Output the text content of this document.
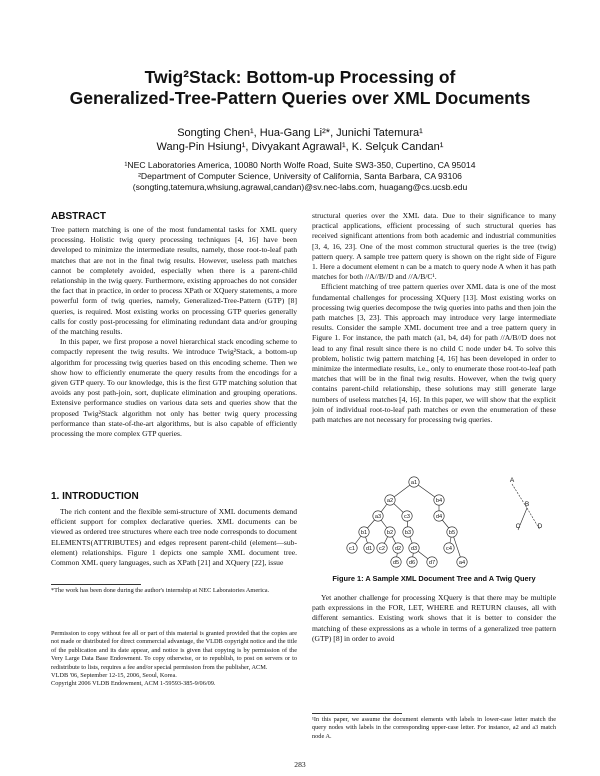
Twig²Stack: Bottom-up Processing of
Generalized-Tree-Pattern Queries over XML Documents
Songting Chen¹, Hua-Gang Li²*, Junichi Tatemura¹
Wang-Pin Hsiung¹, Divyakant Agrawal¹, K. Selçuk Candan¹
¹NEC Laboratories America, 10080 North Wolfe Road, Suite SW3-350, Cupertino, CA 95014
²Department of Computer Science, University of California, Santa Barbara, CA 93106
(songting,tatemura,whsiung,agrawal,candan)@sv.nec-labs.com, huagang@cs.ucsb.edu
ABSTRACT

Tree pattern matching is one of the most fundamental tasks for XML query processing. Holistic twig query processing techniques [4, 16] have been developed to minimize the intermediate results, namely, those root-to-leaf path matches that are not in the final twig results. However, useless path matches cannot be completely avoided, especially when there is a parent-child relationship in the twig query. Furthermore, existing approaches do not consider the fact that in practice, in order to process XPath or XQuery statements, a more powerful form of twig queries, namely, Generalized-Tree-Pattern (GTP) [8] queries, is required. Most existing works on processing GTP queries generally calls for costly post-processing for eliminating redundant data and/or grouping of the matching results.

In this paper, we first propose a novel hierarchical stack encoding scheme to compactly represent the twig results. We introduce Twig²Stack, a bottom-up algorithm for processing twig queries based on this encoding scheme. Then we show how to efficiently enumerate the query results from the encodings for a given GTP query. To our knowledge, this is the first GTP matching solution that avoids any post path-join, sort, duplicate elimination and grouping operations. Extensive performance studies on various data sets and queries show that the proposed Twig²Stack algorithm not only has better twig query processing performance than state-of-the-art algorithms, but is also capable of efficiently processing the more complex GTP queries.

1. INTRODUCTION

The rich content and the flexible semi-structure of XML documents demand efficient support for complex declarative queries. XML documents can be viewed as ordered tree structures where each tree node corresponds to document ELEMENTS(ATTRIBUTES) and edges represent parent-child (element—sub-element) relationships. Figure 1 depicts one sample XML document tree. Common XML query languages, such as XPath [21] and XQuery [22], issue

*The work has been done during the author's internship at NEC Laboratories America.
Permission to copy without fee all or part of this material is granted provided that the copies are not made or distributed for direct commercial advantage, the VLDB copyright notice and the title of the publication and its date appear, and notice is given that copying is by permission of the Very Large Data Base Endowment. To copy otherwise, or to republish, to post on servers or to redistribute to lists, requires a fee and/or special permission from the publisher, ACM.
VLDB '06, September 12-15, 2006, Seoul, Korea.
Copyright 2006 VLDB Endowment, ACM 1-59593-385-9/06/09.

structural queries over the XML data. Due to their significance to many practical applications, efficient processing of such structural queries has received significant attentions from both academic and industrial communities [3, 4, 16, 23]. One of the most common structural queries is the tree (twig) pattern query. A sample tree pattern query is shown on the right side of Figure 1. Here a document element n can be a match to query node A when it has path matches for both //A//B//D and //A/B/C¹.

Efficient matching of tree pattern queries over XML data is one of the most fundamental challenges for processing XQuery [13]. Most existing works on processing twig queries decompose the twig queries into paths and then join the path matches [3, 23]. This approach may introduce very large intermediate results. Consider the sample XML document tree and a tree pattern query in Figure 1. For instance, the path match (a1, b4, d4) for path //A/B//D does not lead to any final result since there is no child C node under b4. To solve this problem, holistic twig pattern matching [4, 16] has been developed in order to minimize the intermediate results, i.e., only to enumerate those root-to-leaf path matches that will be in the final twig results. However, when the twig query contains parent-child relationship, these solutions may still generate large numbers of useless matches [4, 16]. In this paper, we will show that the explicit join of individual root-to-leaf path matches or even the enumeration of these path matches are not necessary for processing twig queries.

a1
a2
a3
b1	b2 b3
b4
c1	c2
c3
d1	d2 d3
d4
b5
c4
d5 d6 d7	a4
A
B
C	D
Figure 1: A Sample XML Document Tree and A Twig Query

Yet another challenge for processing XQuery is that there may be multiple path expressions in the FOR, LET, WHERE and RETURN clauses, all with different semantics. Existing work shows that it is better to consider the matching of these expressions as a whole in terms of a generalized tree pattern (GTP) [8] in order to avoid

¹In this paper, we assume the document elements with labels in lower-case letter match the query nodes with labels in the corresponding upper-case letter. For instance, a2 and a3 match node A.
283
